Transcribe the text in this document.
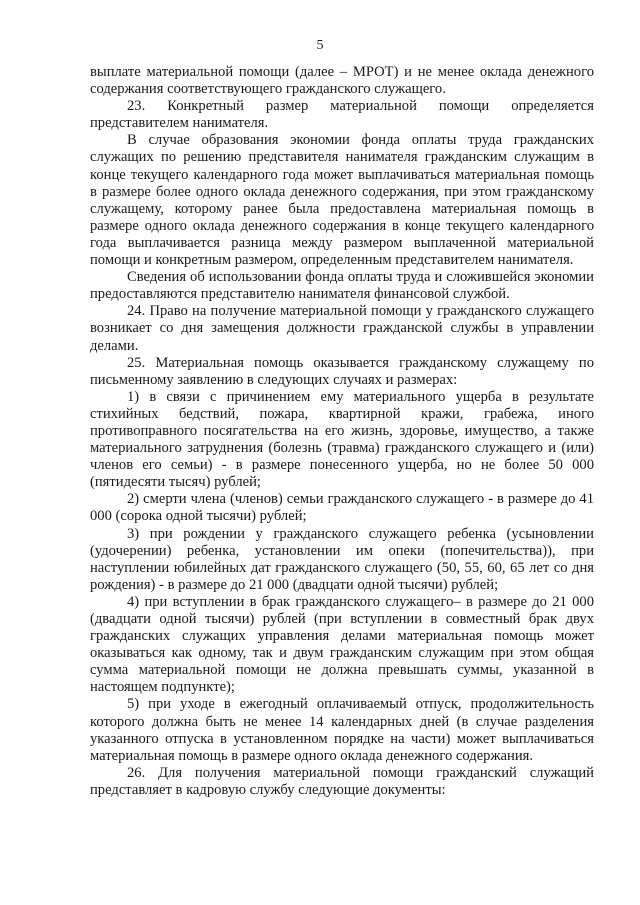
5

выплате материальной помощи (далее – МРОТ) и не менее оклада денежного содержания соответствующего гражданского служащего.

23. Конкретный размер материальной помощи определяется представителем нанимателя.

В случае образования экономии фонда оплаты труда гражданских служащих по решению представителя нанимателя гражданским служащим в конце текущего календарного года может выплачиваться материальная помощь в размере более одного оклада денежного содержания, при этом гражданскому служащему, которому ранее была предоставлена материальная помощь в размере одного оклада денежного содержания в конце текущего календарного года выплачивается разница между размером выплаченной материальной помощи и конкретным размером, определенным представителем нанимателя.

Сведения об использовании фонда оплаты труда и сложившейся экономии предоставляются представителю нанимателя финансовой службой.

24. Право на получение материальной помощи у гражданского служащего возникает со дня замещения должности гражданской службы в управлении делами.

25. Материальная помощь оказывается гражданскому служащему по письменному заявлению в следующих случаях и размерах:

1) в связи с причинением ему материального ущерба в результате стихийных бедствий, пожара, квартирной кражи, грабежа, иного противоправного посягательства на его жизнь, здоровье, имущество, а также материального затруднения (болезнь (травма) гражданского служащего и (или) членов его семьи) - в размере понесенного ущерба, но не более 50 000 (пятидесяти тысяч) рублей;

2) смерти члена (членов) семьи гражданского служащего - в размере до 41 000 (сорока одной тысячи) рублей;

3) при рождении у гражданского служащего ребенка (усыновлении (удочерении) ребенка, установлении им опеки (попечительства)), при наступлении юбилейных дат гражданского служащего (50, 55, 60, 65 лет со дня рождения) - в размере до 21 000 (двадцати одной тысячи) рублей;

4) при вступлении в брак гражданского служащего– в размере до 21 000 (двадцати одной тысячи) рублей (при вступлении в совместный брак двух гражданских служащих управления делами материальная помощь может оказываться как одному, так и двум гражданским служащим при этом общая сумма материальной помощи не должна превышать суммы, указанной в настоящем подпункте);

5) при уходе в ежегодный оплачиваемый отпуск, продолжительность которого должна быть не менее 14 календарных дней (в случае разделения указанного отпуска в установленном порядке на части) может выплачиваться материальная помощь в размере одного оклада денежного содержания.

26. Для получения материальной помощи гражданский служащий представляет в кадровую службу следующие документы:
